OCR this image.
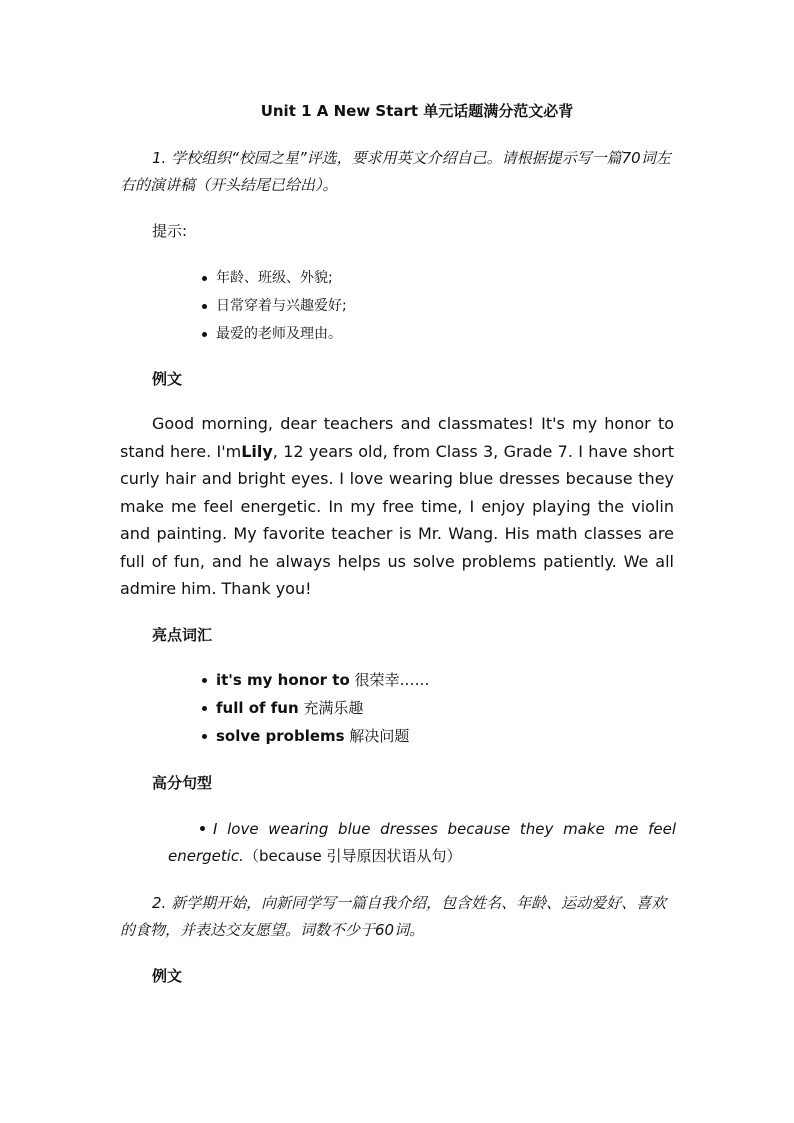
Unit 1 A New Start 单元话题满分范文必背

1. 学校组织“校园之星”评选，要求用英文介绍自己。请根据提示写一篇70词左右的演讲稿（开头结尾已给出）。

提示:

年龄、班级、外貌;
日常穿着与兴趣爱好;
最爱的老师及理由。

例文

Good morning, dear teachers and classmates! It's my honor to stand here. I'mLily, 12 years old, from Class 3, Grade 7. I have short curly hair and bright eyes. I love wearing blue dresses because they make me feel energetic. In my free time, I enjoy playing the violin and painting. My favorite teacher is Mr. Wang. His math classes are full of fun, and he always helps us solve problems patiently. We all admire him. Thank you!

亮点词汇

it's my honor to 很荣幸……
full of fun 充满乐趣
solve problems 解决问题

高分句型

I love wearing blue dresses because they make me feel energetic.（because 引导原因状语从句）

2. 新学期开始，向新同学写一篇自我介绍，包含姓名、年龄、运动爱好、喜欢的食物，并表达交友愿望。词数不少于60词。

例文
